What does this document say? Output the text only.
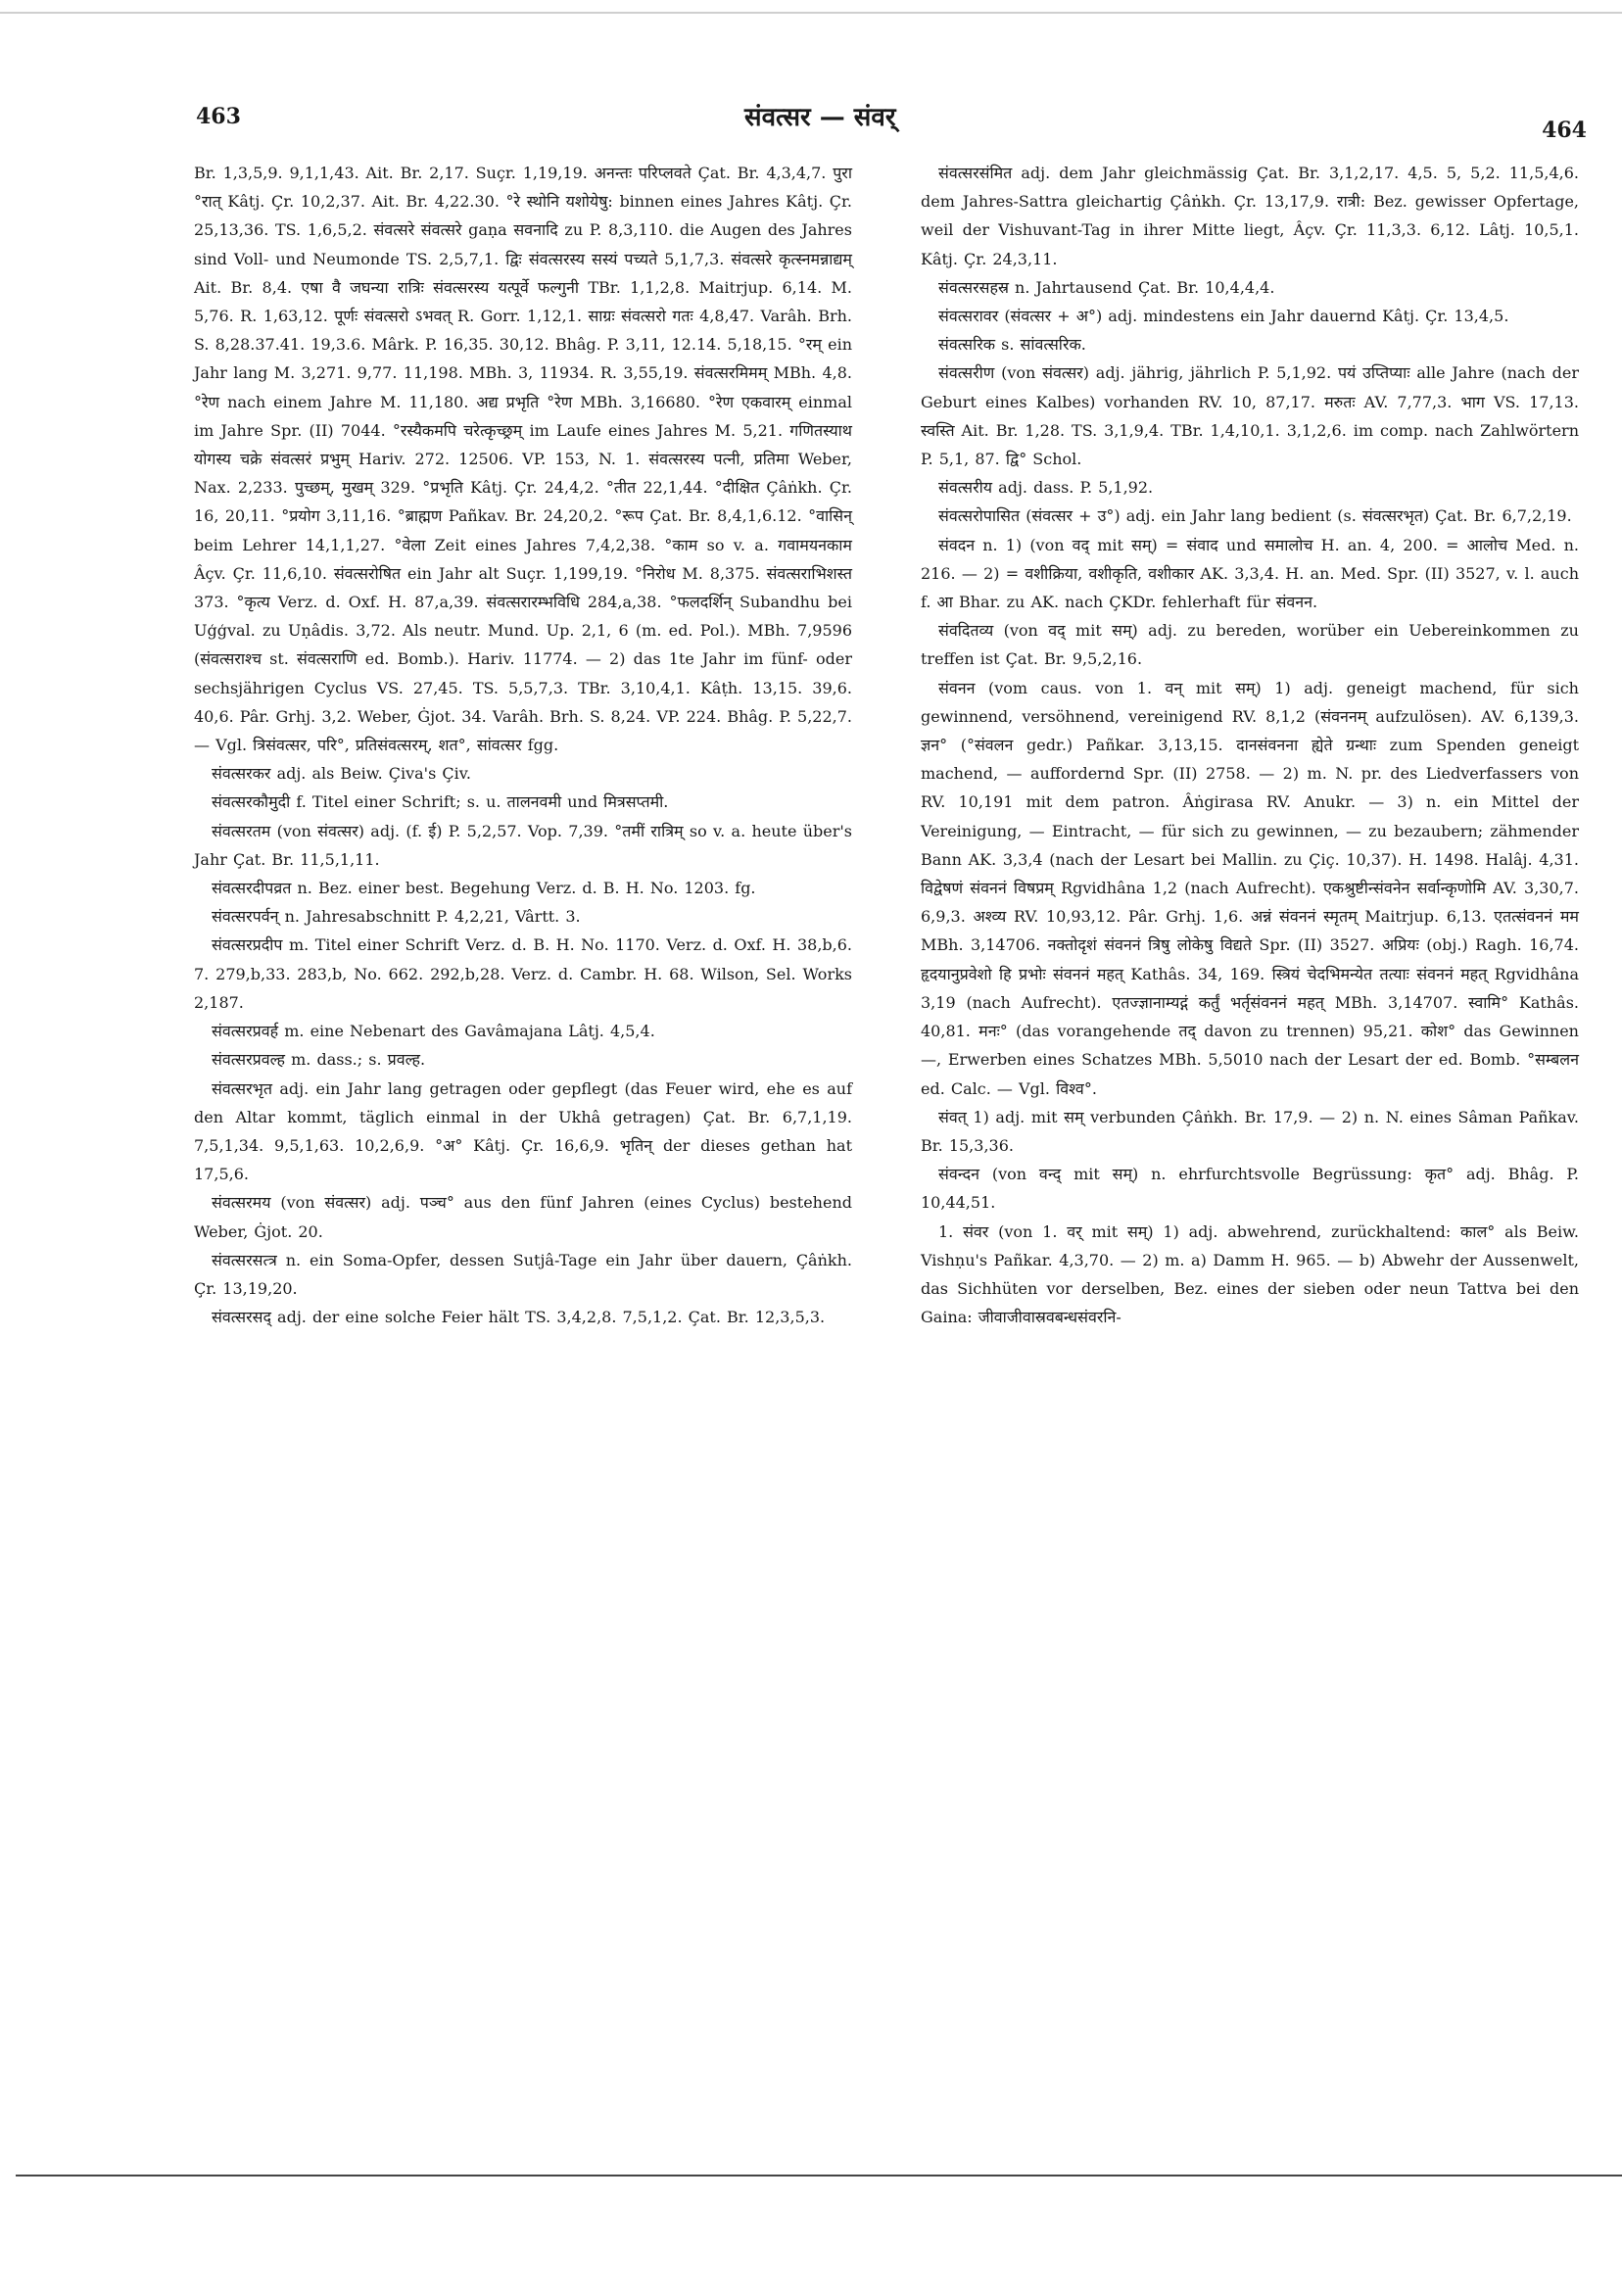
463	संवत्सर — संवर्	464

Br. 1,3,5,9. 9,1,1,43. Ait. Br. 2,17. Suçr. 1,19,19. अनन्तः परिप्लवते Çat. Br. 4,3,4,7. पुरा °रात् Kâtj. Çr. 10,2,37. Ait. Br. 4,22.30. °रे स्थोनि यशोयेषु: binnen eines Jahres Kâtj. Çr. 25,13,36. TS. 1,6,5,2. संवत्सरे संवत्सरे gaṇa सवनादि zu P. 8,3,110. die Augen des Jahres sind Voll- und Neumonde TS. 2,5,7,1. द्विः संवत्सरस्य सस्यं पच्यते 5,1,7,3. संवत्सरे कृत्स्नमन्नाद्यम् Ait. Br. 8,4. एषा वै जघन्या रात्रिः संवत्सरस्य यत्पूर्वे फल्गुनी TBr. 1,1,2,8. Maitrjup. 6,14. M. 5,76. R. 1,63,12. पूर्णः संवत्सरो ऽभवत् R. Gorr. 1,12,1. साग्रः संवत्सरो गतः 4,8,47. Varâh. Brh. S. 8,28.37.41. 19,3.6. Mârk. P. 16,35. 30,12. Bhâg. P. 3,11, 12.14. 5,18,15. °रम् ein Jahr lang M. 3,271. 9,77. 11,198. MBh. 3, 11934. R. 3,55,19. संवत्सरमिमम् MBh. 4,8. °रेण nach einem Jahre M. 11,180. अद्य प्रभृति °रेण MBh. 3,16680. °रेण एकवारम् einmal im Jahre Spr. (II) 7044. °रस्यैकमपि चरेत्कृच्छ्रम् im Laufe eines Jahres M. 5,21. गणितस्याथ योगस्य चक्रे संवत्सरं प्रभुम् Hariv. 272. 12506. VP. 153, N. 1. संवत्सरस्य पत्नी, प्रतिमा Weber, Nax. 2,233. पुच्छम्, मुखम् 329. °प्रभृति Kâtj. Çr. 24,4,2. °तीत 22,1,44. °दीक्षित Çâṅkh. Çr. 16, 20,11. °प्रयोग 3,11,16. °ब्राह्मण Pañkav. Br. 24,20,2. °रूप Çat. Br. 8,4,1,6.12. °वासिन् beim Lehrer 14,1,1,27. °वेला Zeit eines Jahres 7,4,2,38. °काम so v. a. गवामयनकाम Âçv. Çr. 11,6,10. संवत्सरोषित ein Jahr alt Suçr. 1,199,19. °निरोध M. 8,375. संवत्सराभिशस्त 373. °कृत्य Verz. d. Oxf. H. 87,a,39. संवत्सरारम्भविधि 284,a,38. °फलदर्शिन् Subandhu bei Uģģval. zu Uṇâdis. 3,72. Als neutr. Mund. Up. 2,1, 6 (m. ed. Pol.). MBh. 7,9596 (संवत्सराश्च st. संवत्सराणि ed. Bomb.). Hariv. 11774. — 2) das 1te Jahr im fünf- oder sechsjährigen Cyclus VS. 27,45. TS. 5,5,7,3. TBr. 3,10,4,1. Kâṭh. 13,15. 39,6. 40,6. Pâr. Grhj. 3,2. Weber, Ġjot. 34. Varâh. Brh. S. 8,24. VP. 224. Bhâg. P. 5,22,7. — Vgl. त्रिसंवत्सर, परि°, प्रतिसंवत्सरम्, शत°, सांवत्सर fgg.

संवत्सरकर adj. als Beiw. Çiva's Çiv.

संवत्सरकौमुदी f. Titel einer Schrift; s. u. तालनवमी und मित्रसप्तमी.

संवत्सरतम (von संवत्सर) adj. (f. ई) P. 5,2,57. Vop. 7,39. °तमीं रात्रिम् so v. a. heute über's Jahr Çat. Br. 11,5,1,11.

संवत्सरदीपव्रत n. Bez. einer best. Begehung Verz. d. B. H. No. 1203. fg.

संवत्सरपर्वन् n. Jahresabschnitt P. 4,2,21, Vârtt. 3.

संवत्सरप्रदीप m. Titel einer Schrift Verz. d. B. H. No. 1170. Verz. d. Oxf. H. 38,b,6. 7. 279,b,33. 283,b, No. 662. 292,b,28. Verz. d. Cambr. H. 68. Wilson, Sel. Works 2,187.

संवत्सरप्रवर्ह m. eine Nebenart des Gavâmajana Lâtj. 4,5,4.

संवत्सरप्रवल्ह m. dass.; s. प्रवल्ह.

संवत्सरभृत adj. ein Jahr lang getragen oder gepflegt (das Feuer wird, ehe es auf den Altar kommt, täglich einmal in der Ukhâ getragen) Çat. Br. 6,7,1,19. 7,5,1,34. 9,5,1,63. 10,2,6,9. °अ° Kâtj. Çr. 16,6,9. भृतिन् der dieses gethan hat 17,5,6.

संवत्सरमय (von संवत्सर) adj. पञ्च° aus den fünf Jahren (eines Cyclus) bestehend Weber, Ġjot. 20.

संवत्सरसत्त्र n. ein Soma-Opfer, dessen Sutjâ-Tage ein Jahr über dauern, Çâṅkh. Çr. 13,19,20.

संवत्सरसद् adj. der eine solche Feier hält TS. 3,4,2,8. 7,5,1,2. Çat. Br. 12,3,5,3.

संवत्सरसंमित adj. dem Jahr gleichmässig Çat. Br. 3,1,2,17. 4,5. 5, 5,2. 11,5,4,6. dem Jahres-Sattra gleichartig Çâṅkh. Çr. 13,17,9. रात्री: Bez. gewisser Opfertage, weil der Vishuvant-Tag in ihrer Mitte liegt, Âçv. Çr. 11,3,3. 6,12. Lâtj. 10,5,1. Kâtj. Çr. 24,3,11.

संवत्सरसहस्र n. Jahrtausend Çat. Br. 10,4,4,4.

संवत्सरावर (संवत्सर + अ°) adj. mindestens ein Jahr dauernd Kâtj. Çr. 13,4,5.

संवत्सरिक s. सांवत्सरिक.

संवत्सरीण (von संवत्सर) adj. jährig, jährlich P. 5,1,92. पयं उप्तिप्याः alle Jahre (nach der Geburt eines Kalbes) vorhanden RV. 10, 87,17. मरुतः AV. 7,77,3. भाग VS. 17,13. स्वस्ति Ait. Br. 1,28. TS. 3,1,9,4. TBr. 1,4,10,1. 3,1,2,6. im comp. nach Zahlwörtern P. 5,1, 87. द्वि° Schol.

संवत्सरीय adj. dass. P. 5,1,92.

संवत्सरोपासित (संवत्सर + उ°) adj. ein Jahr lang bedient (s. संवत्सरभृत) Çat. Br. 6,7,2,19.

संवदन n. 1) (von वद् mit सम्) = संवाद und समालोच H. an. 4, 200. = आलोच Med. n. 216. — 2) = वशीक्रिया, वशीकृति, वशीकार AK. 3,3,4. H. an. Med. Spr. (II) 3527, v. l. auch f. आ Bhar. zu AK. nach ÇKDr. fehlerhaft für संवनन.

संवदितव्य (von वद् mit सम्) adj. zu bereden, worüber ein Uebereinkommen zu treffen ist Çat. Br. 9,5,2,16.

संवनन (vom caus. von 1. वन् mit सम्) 1) adj. geneigt machend, für sich gewinnend, versöhnend, vereinigend RV. 8,1,2 (संवननम् aufzulösen). AV. 6,139,3. ज्ञन° (°संवलन gedr.) Pañkar. 3,13,15. दानसंवनना ह्येते ग्रन्थाः zum Spenden geneigt machend, — auffordernd Spr. (II) 2758. — 2) m. N. pr. des Liedverfassers von RV. 10,191 mit dem patron. Âṅgirasa RV. Anukr. — 3) n. ein Mittel der Vereinigung, — Eintracht, — für sich zu gewinnen, — zu bezaubern; zähmender Bann AK. 3,3,4 (nach der Lesart bei Mallin. zu Çiç. 10,37). H. 1498. Halâj. 4,31. विद्वेषणं संवननं विषप्रम् Rgvidhâna 1,2 (nach Aufrecht). एकश्रुष्टीन्संवनेन सर्वान्कृणोमि AV. 3,30,7. 6,9,3. अश्व्य RV. 10,93,12. Pâr. Grhj. 1,6. अन्नं संवननं स्मृतम् Maitrjup. 6,13. एतत्संवननं मम MBh. 3,14706. नक्तोदृशं संवननं त्रिषु लोकेषु विद्यते Spr. (II) 3527. अप्रियः (obj.) Ragh. 16,74. हृदयानुप्रवेशो हि प्रभोः संवननं महत् Kathâs. 34, 169. स्त्रियं चेदभिमन्येत तत्याः संवननं महत् Rgvidhâna 3,19 (nach Aufrecht). एतज्ज्ञानाम्यद्गं कर्तुं भर्तृसंवननं महत् MBh. 3,14707. स्वामि° Kathâs. 40,81. मनः° (das vorangehende तद् davon zu trennen) 95,21. कोश° das Gewinnen —, Erwerben eines Schatzes MBh. 5,5010 nach der Lesart der ed. Bomb. °सम्बलन ed. Calc. — Vgl. विश्व°.

संवत् 1) adj. mit सम् verbunden Çâṅkh. Br. 17,9. — 2) n. N. eines Sâman Pañkav. Br. 15,3,36.

संवन्दन (von वन्द् mit सम्) n. ehrfurchtsvolle Begrüssung: कृत° adj. Bhâg. P. 10,44,51.

1. संवर (von 1. वर् mit सम्) 1) adj. abwehrend, zurückhaltend: काल° als Beiw. Vishṇu's Pañkar. 4,3,70. — 2) m. a) Damm H. 965. — b) Abwehr der Aussenwelt, das Sichhüten vor derselben, Bez. eines der sieben oder neun Tattva bei den Gaina: जीवाजीवास्रवबन्धसंवरनि-
